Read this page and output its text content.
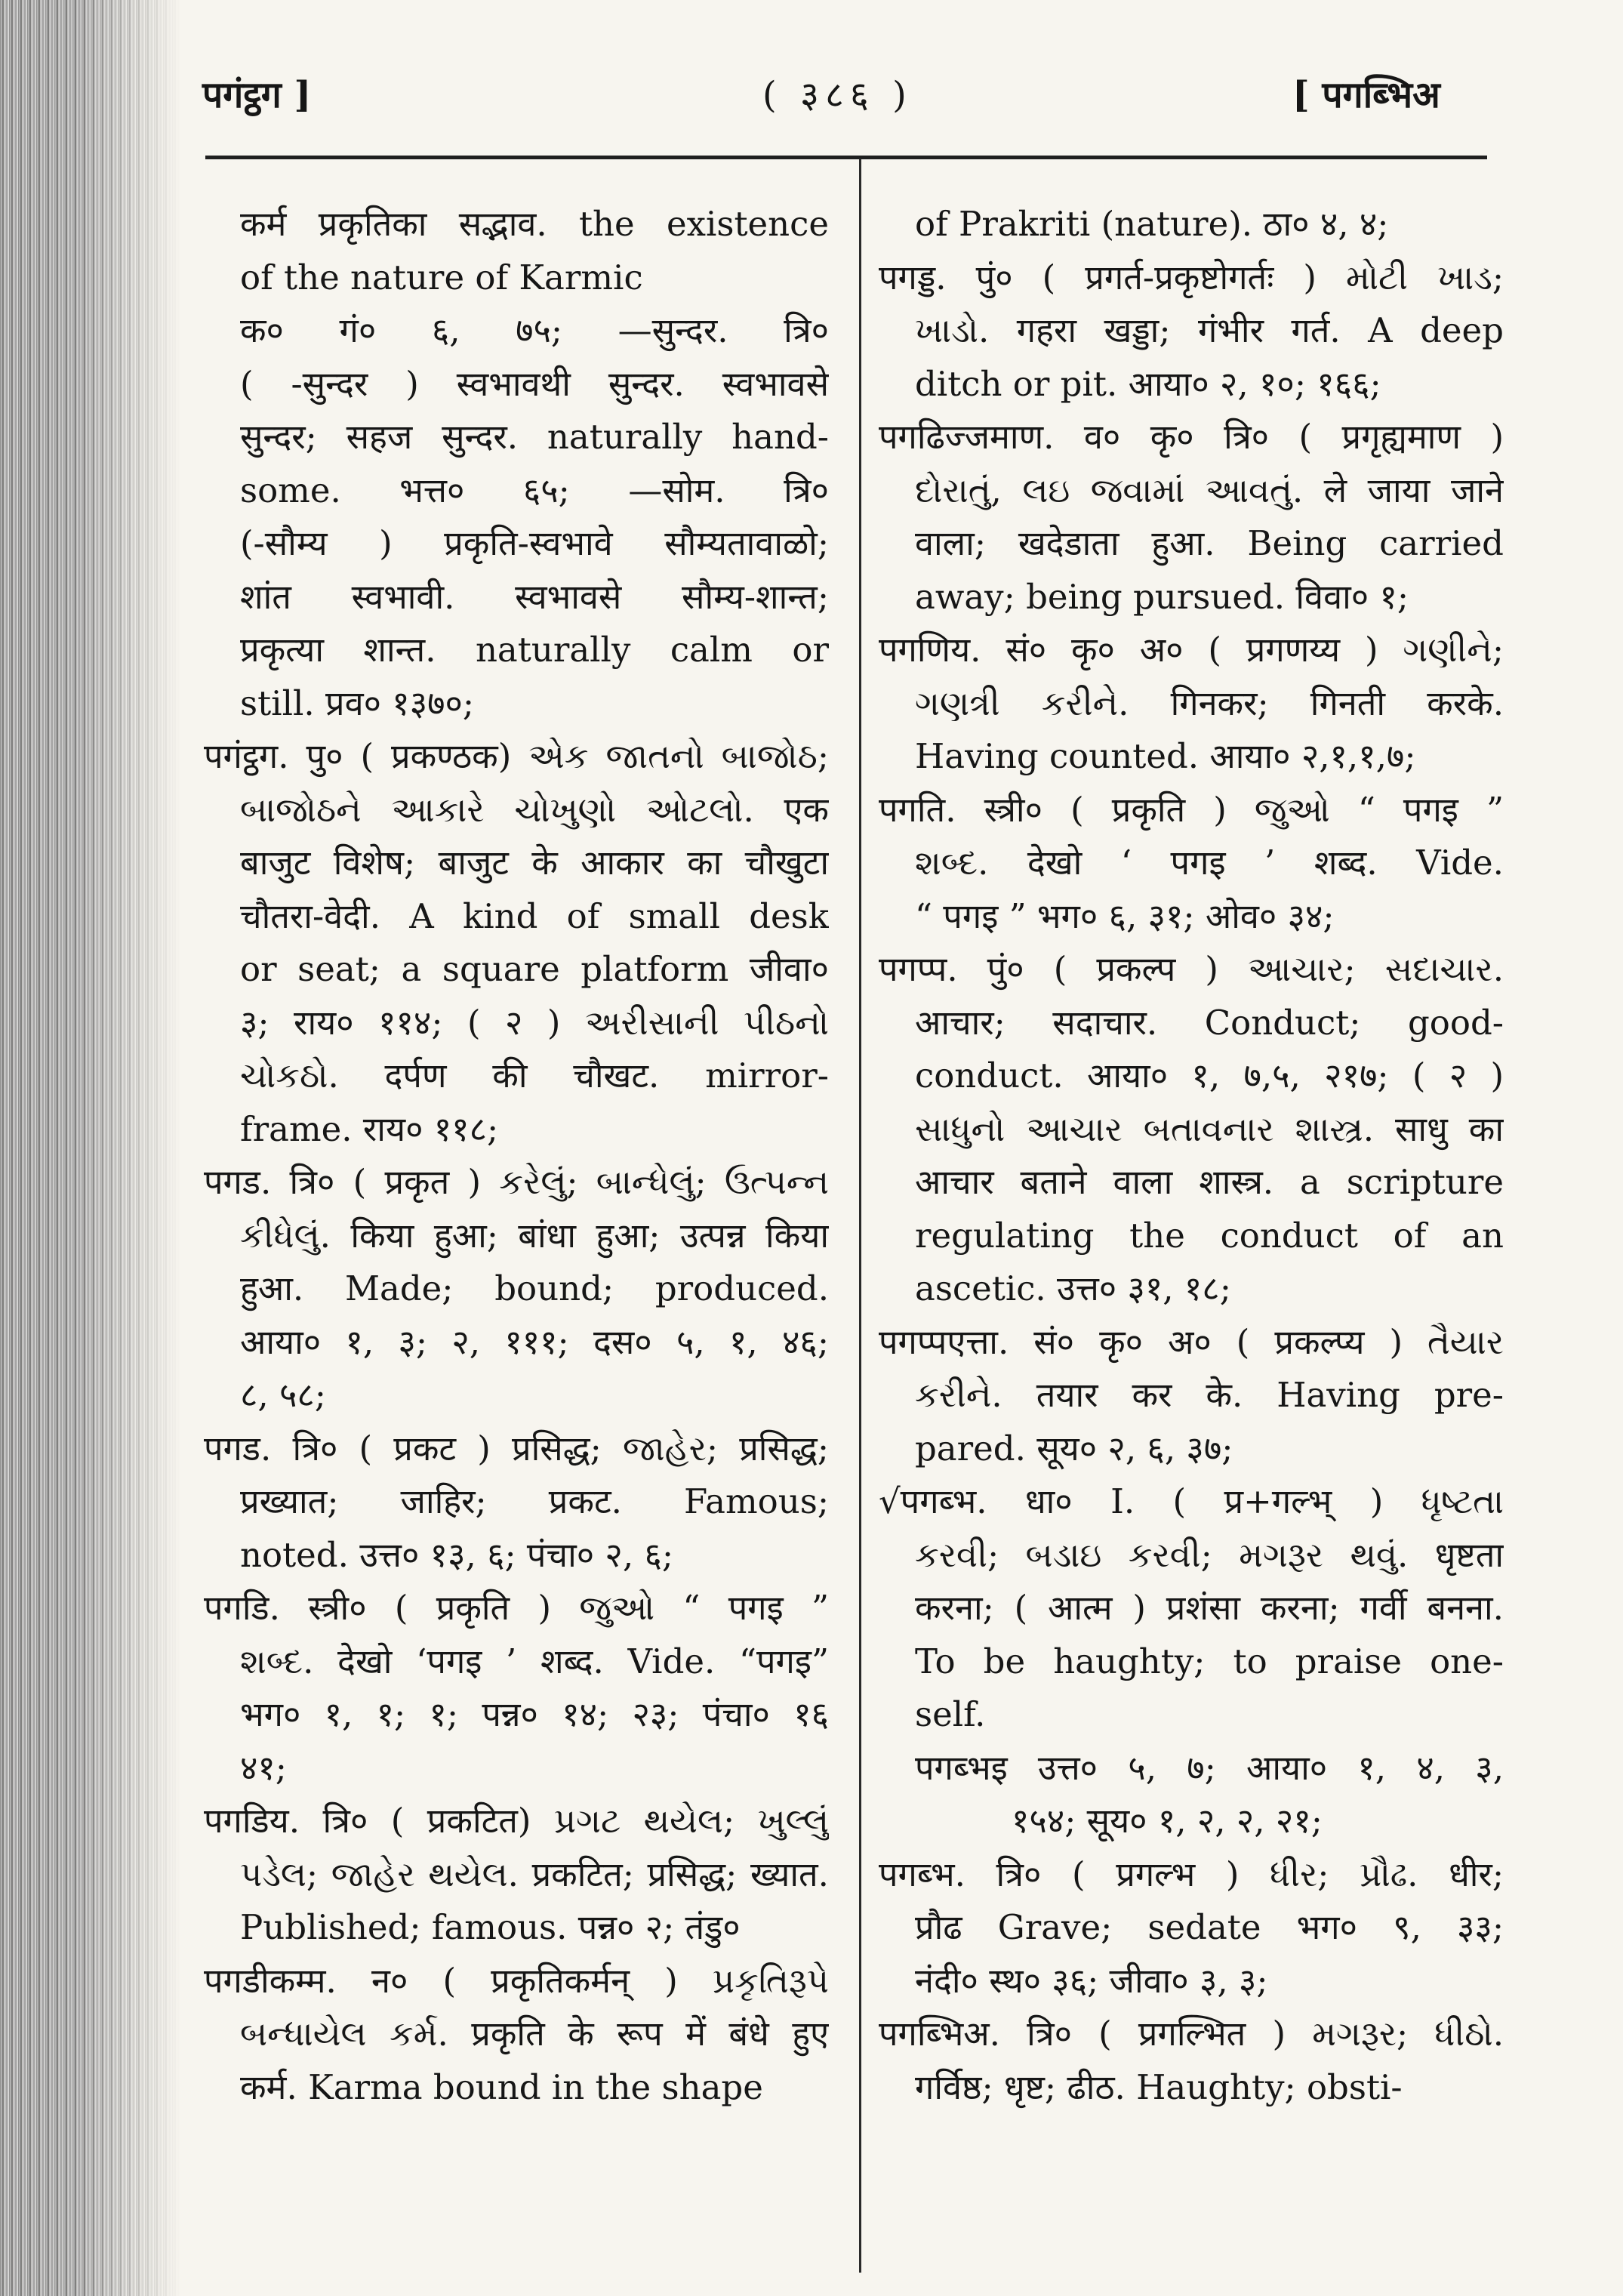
पगंट्ठग ]	( ३८६ )	[ पगब्भिअ
कर्म प्रकृतिका सद्भाव. the existence
of the nature of Karmic
क० गं० ६, ७५; —सुन्दर. त्रि०
( -सुन्दर ) स्वभावथी सुन्दर. स्वभावसे
सुन्दर; सहज सुन्दर. naturally hand-
some. भत्त० ६५; —सोम. त्रि०
(-सौम्य ) प्रकृति-स्वभावे सौम्यतावाळो;
शांत स्वभावी. स्वभावसे सौम्य-शान्त;
प्रकृत्या शान्त. naturally calm or
still. प्रव० १३७०;
पगंट्ठग. पु० ( प्रकण्ठक) એક જાતનો બાજોઠ;
બાજોઠને આકારે ચોખુણો ઓટલો. एक
बाजुट विशेष; बाजुट के आकार का चौखुटा
चौतरा-वेदी. A kind of small desk
or seat; a square platform जीवा०
३; राय० ११४; ( २ ) અરીસાની પીઠનો
ચોકઠો. दर्पण की चौखट. mirror-
frame. राय० ११८;
पगड. त्रि० ( प्रकृत ) કરેલું; બાન્ધેલું; ઉત્પન્ન
કીધેલું. किया हुआ; बांधा हुआ; उत्पन्न किया
हुआ. Made; bound; produced.
आया० १, ३; २, १११; दस० ५, १, ४६;
८, ५८;
पगड. त्रि० ( प्रकट ) प्रसिद्ध; જાહેર; प्रसिद्ध;
प्रख्यात; जाहिर; प्रकट. Famous;
noted. उत्त० १३, ६; पंचा० २, ६;
पगडि. स्त्री० ( प्रकृति ) જુઓ “ पगइ ”
શબ્દ. देखो ‘पगइ ’ शब्द. Vide. “पगइ”
भग० १, १; १; पन्न० १४; २३; पंचा० १६
४१;
पगडिय. त्रि० ( प्रकटित) પ્રગટ થયેલ; ખુલ્લું
પડેલ; જાહેર થયેલ. प्रकटित; प्रसिद्ध; ख्यात.
Published; famous. पन्न० २; तंडु०
पगडीकम्म. न० ( प्रकृतिकर्मन् ) પ્રકૃતિરૂપે
બન્ધાયેલ કર્મ. प्रकृति के रूप में बंधे हुए
कर्म. Karma bound in the shape
of Prakriti (nature). ठा० ४, ४;
पगड्ड. पुं० ( प्रगर्त-प्रकृष्टोगर्तः ) મોટી ખાડ;
ખાડો. गहरा खड्डा; गंभीर गर्त. A deep
ditch or pit. आया० २, १०; १६६;
पगढिज्जमाण. व० कृ० त्रि० ( प्रगृह्यमाण )
દોરાતું, લઇ જવામાં આવતું. ले जाया जाने
वाला; खदेडाता हुआ. Being carried
away; being pursued. विवा० १;
पगणिय. सं० कृ० अ० ( प्रगणय्य ) ગણીને;
ગણત્રી કરીને. गिनकर; गिनती करके.
Having counted. आया० २,१,१,७;
पगति. स्त्री० ( प्रकृति ) જુઓ “ पगइ ”
શબ્દ. देखो ‘ पगइ ’ शब्द. Vide.
“ पगइ ” भग० ६, ३१; ओव० ३४;
पगप्प. पुं० ( प्रकल्प ) આચાર; સદાચાર.
आचार; सदाचार. Conduct; good-
conduct. आया० १, ७,५, २१७; ( २ )
સાધુનો આચાર બતાવનાર શાસ્ત્ર. साधु का
आचार बताने वाला शास्त्र. a scripture
regulating the conduct of an
ascetic. उत्त० ३१, १८;
पगप्पएत्ता. सं० कृ० अ० ( प्रकल्प्य ) તૈયાર
કરીને. तयार कर के. Having pre-
pared. सूय० २, ६, ३७;
√पगब्भ. धा० I. ( प्र+गल्भ् ) ધૃષ્ટતા
કરવી; બડાઇ કરવી; મગરૂર થવું. धृष्टता
करना; ( आत्म ) प्रशंसा करना; गर्वी बनना.
To be haughty; to praise one-
self.
पगब्भइ उत्त० ५, ७; आया० १, ४, ३,
१५४; सूय० १, २, २, २१;
पगब्भ. त्रि० ( प्रगल्भ ) ધીર; પ્રૌઢ. धीर;
प्रौढ Grave; sedate भग० ९, ३३;
नंदी० स्थ० ३६; जीवा० ३, ३;
पगब्भिअ. त्रि० ( प्रगल्भित ) મગરૂર; ધીઠો.
गर्विष्ठ; धृष्ट; ढीठ. Haughty; obsti-
